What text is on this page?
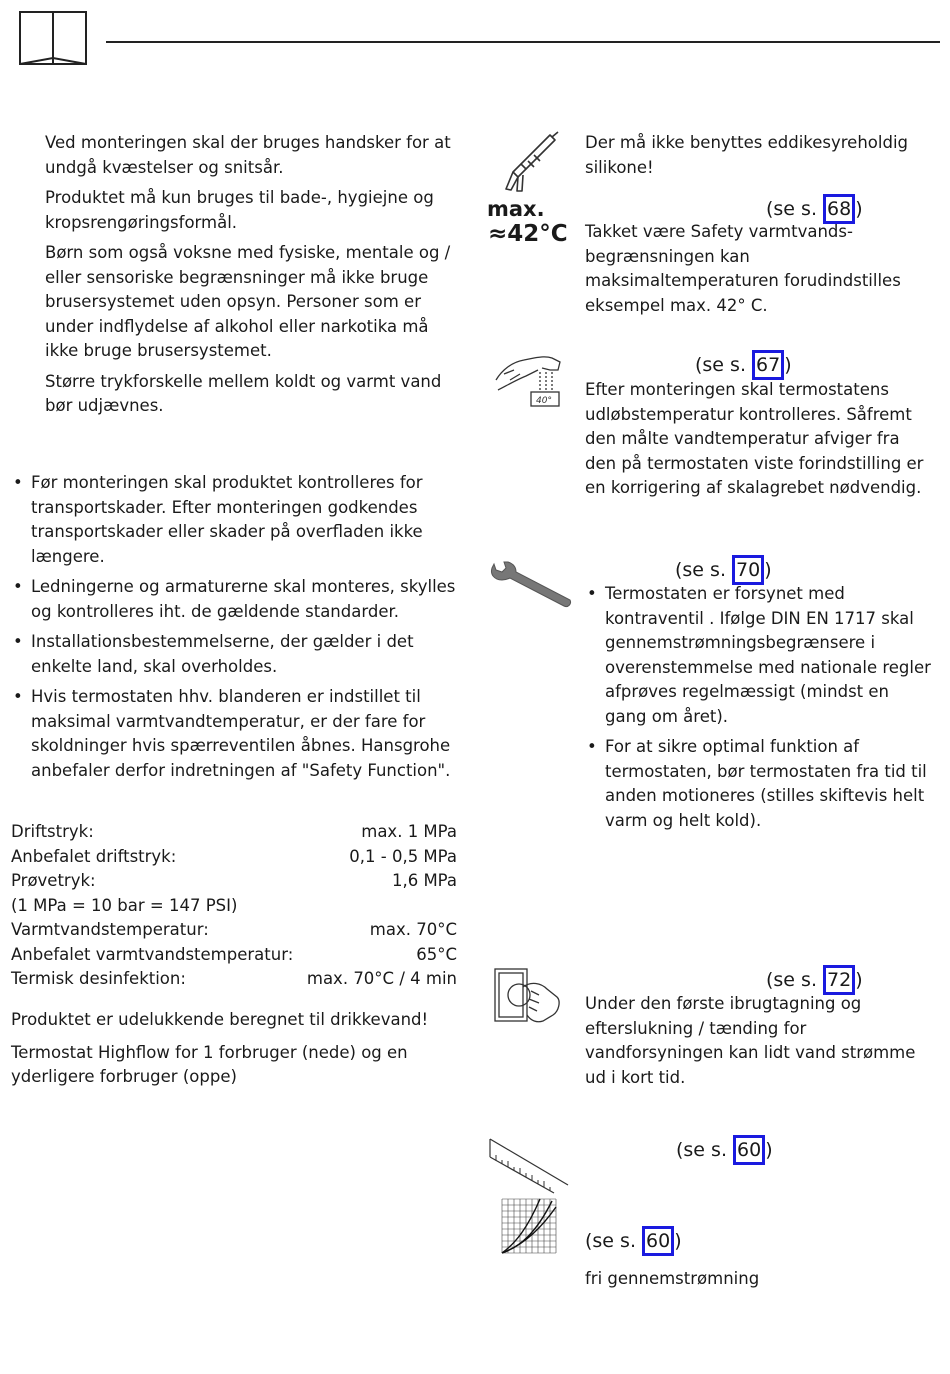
Ved monteringen skal der bruges handsker for at undgå kvæstelser og snitsår.

Produktet må kun bruges til bade-, hygiejne og kropsrengøringsformål.

Børn som også voksne med fysiske, mentale og / eller sensoriske begrænsninger må ikke bruge brusersystemet uden opsyn. Personer som er under indflydelse af alkohol eller narkotika må ikke bruge brusersystemet.

Større trykforskelle mellem koldt og varmt vand bør udjævnes.

• Før monteringen skal produktet kontrolleres for transportskader. Efter monteringen godkendes transportskader eller skader på overfladen ikke længere.
• Ledningerne og armaturerne skal monteres, skylles og kontrolleres iht. de gældende standarder.
• Installationsbestemmelserne, der gælder i det enkelte land, skal overholdes.
• Hvis termostaten hhv. blanderen er indstillet til maksimal varmtvandtemperatur, er der fare for skoldninger hvis spærreventilen åbnes. Hansgrohe anbefaler derfor indretningen af "Safety Function".
Driftstryk:	max. 1 MPa
Anbefalet driftstryk:	0,1 - 0,5 MPa
Prøvetryk:	1,6 MPa
(1 MPa = 10 bar = 147 PSI)
Varmtvandstemperatur:	max. 70°C
Anbefalet varmtvandstemperatur:	65°C
Termisk desinfektion:	max. 70°C / 4 min

Produktet er udelukkende beregnet til drikkevand!

Termostat Highflow for 1 forbruger (nede) og en yderligere forbruger (oppe)

Der må ikke benyttes eddikesyreholdig silikone!

max.
≈42°C
(se s. 68 )

Takket være Safety varmtvands-begrænsningen kan maksimaltemperaturen forudindstilles eksempel max. 42° C.

40°
(se s. 67 )

Efter monteringen skal termostatens udløbstemperatur kontrolleres. Såfremt den målte vandtemperatur afviger fra den på termostaten viste forindstilling er en korrigering af skalagrebet nødvendig.

(se s. 70 )
• Termostaten er forsynet med kontraventil . Ifølge DIN EN 1717 skal gennemstrømningsbegrænsere i overenstemmelse med nationale regler afprøves regelmæssigt (mindst en gang om året).
• For at sikre optimal funktion af termostaten, bør termostaten fra tid til anden motioneres (stilles skiftevis helt varm og helt kold).
(se s. 72 )

Under den første ibrugtagning og efterslukning / tænding for vandforsyningen kan lidt vand strømme ud i kort tid.

(se s. 60 )
(se s. 60 )

fri gennemstrømning
